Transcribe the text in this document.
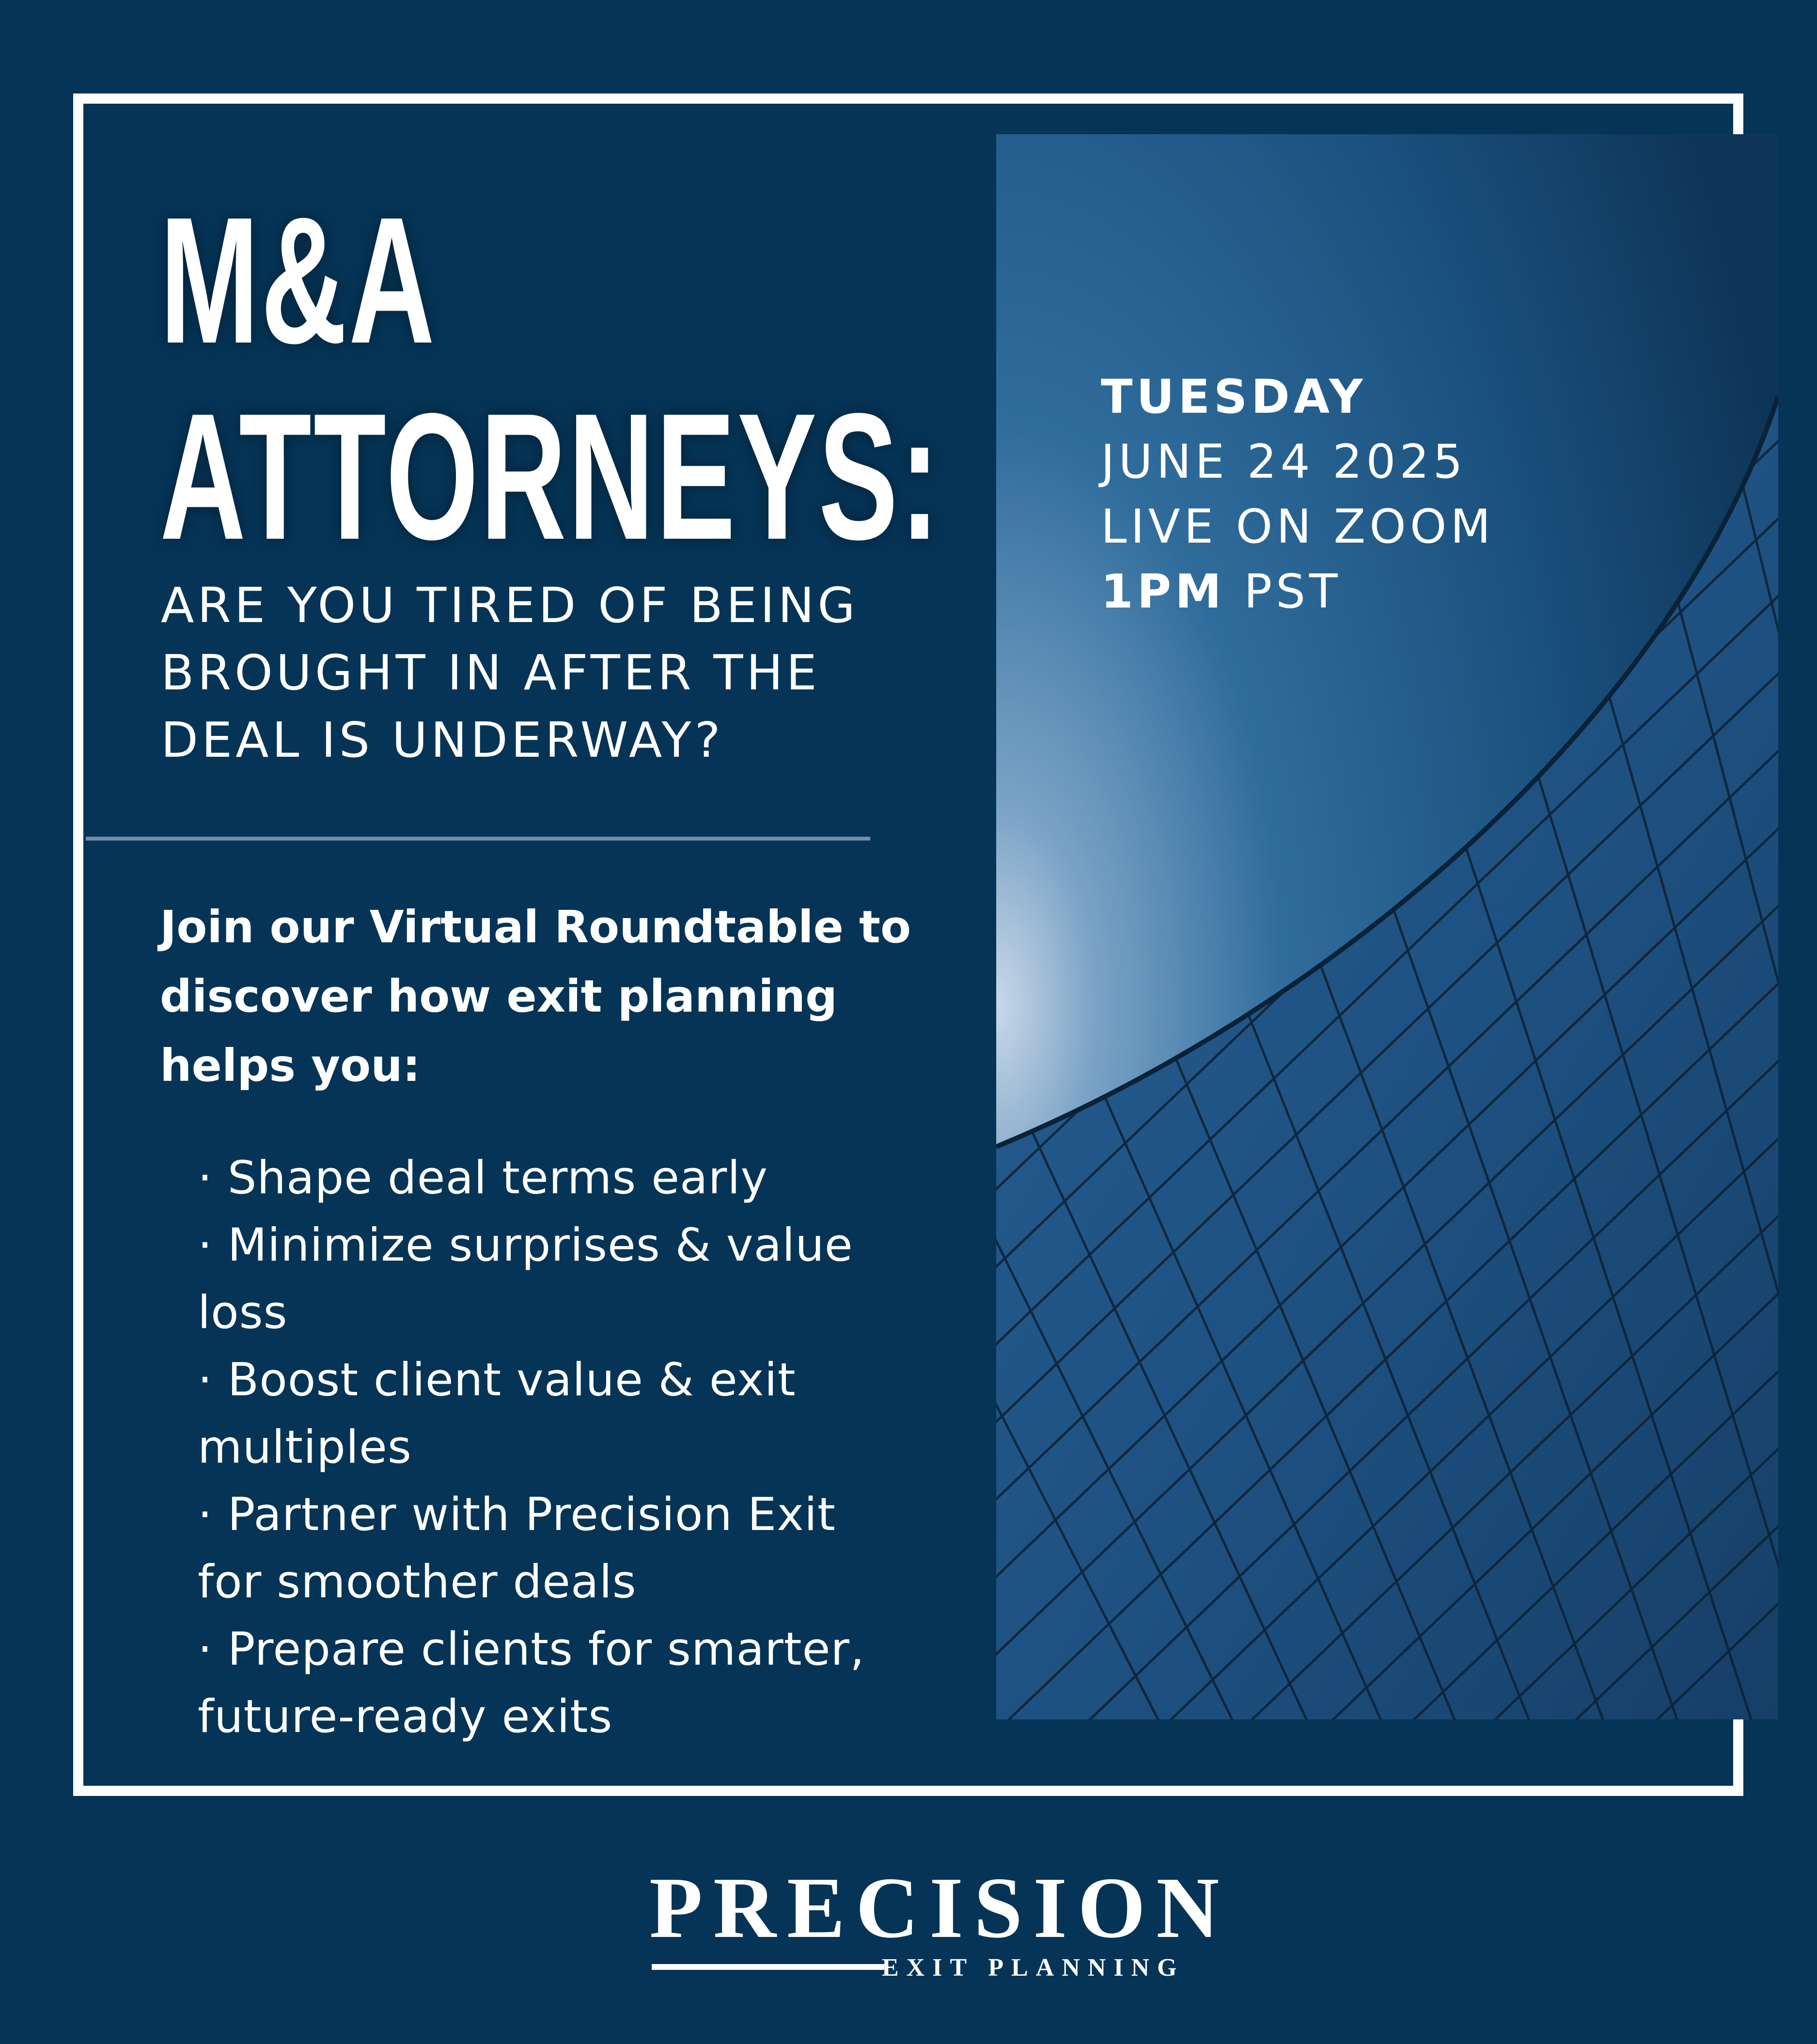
M&A
ATTORNEYS:

ARE YOU TIRED OF BEING BROUGHT IN AFTER THE DEAL IS UNDERWAY?

Join our Virtual Roundtable to discover how exit planning helps you:

· Shape deal terms early
· Minimize surprises & value loss
· Boost client value & exit multiples
· Partner with Precision Exit for smoother deals
· Prepare clients for smarter, future-ready exits
TUESDAY
JUNE 24 2025
LIVE ON ZOOM
1PM PST
PRECISION
EXIT PLANNING
